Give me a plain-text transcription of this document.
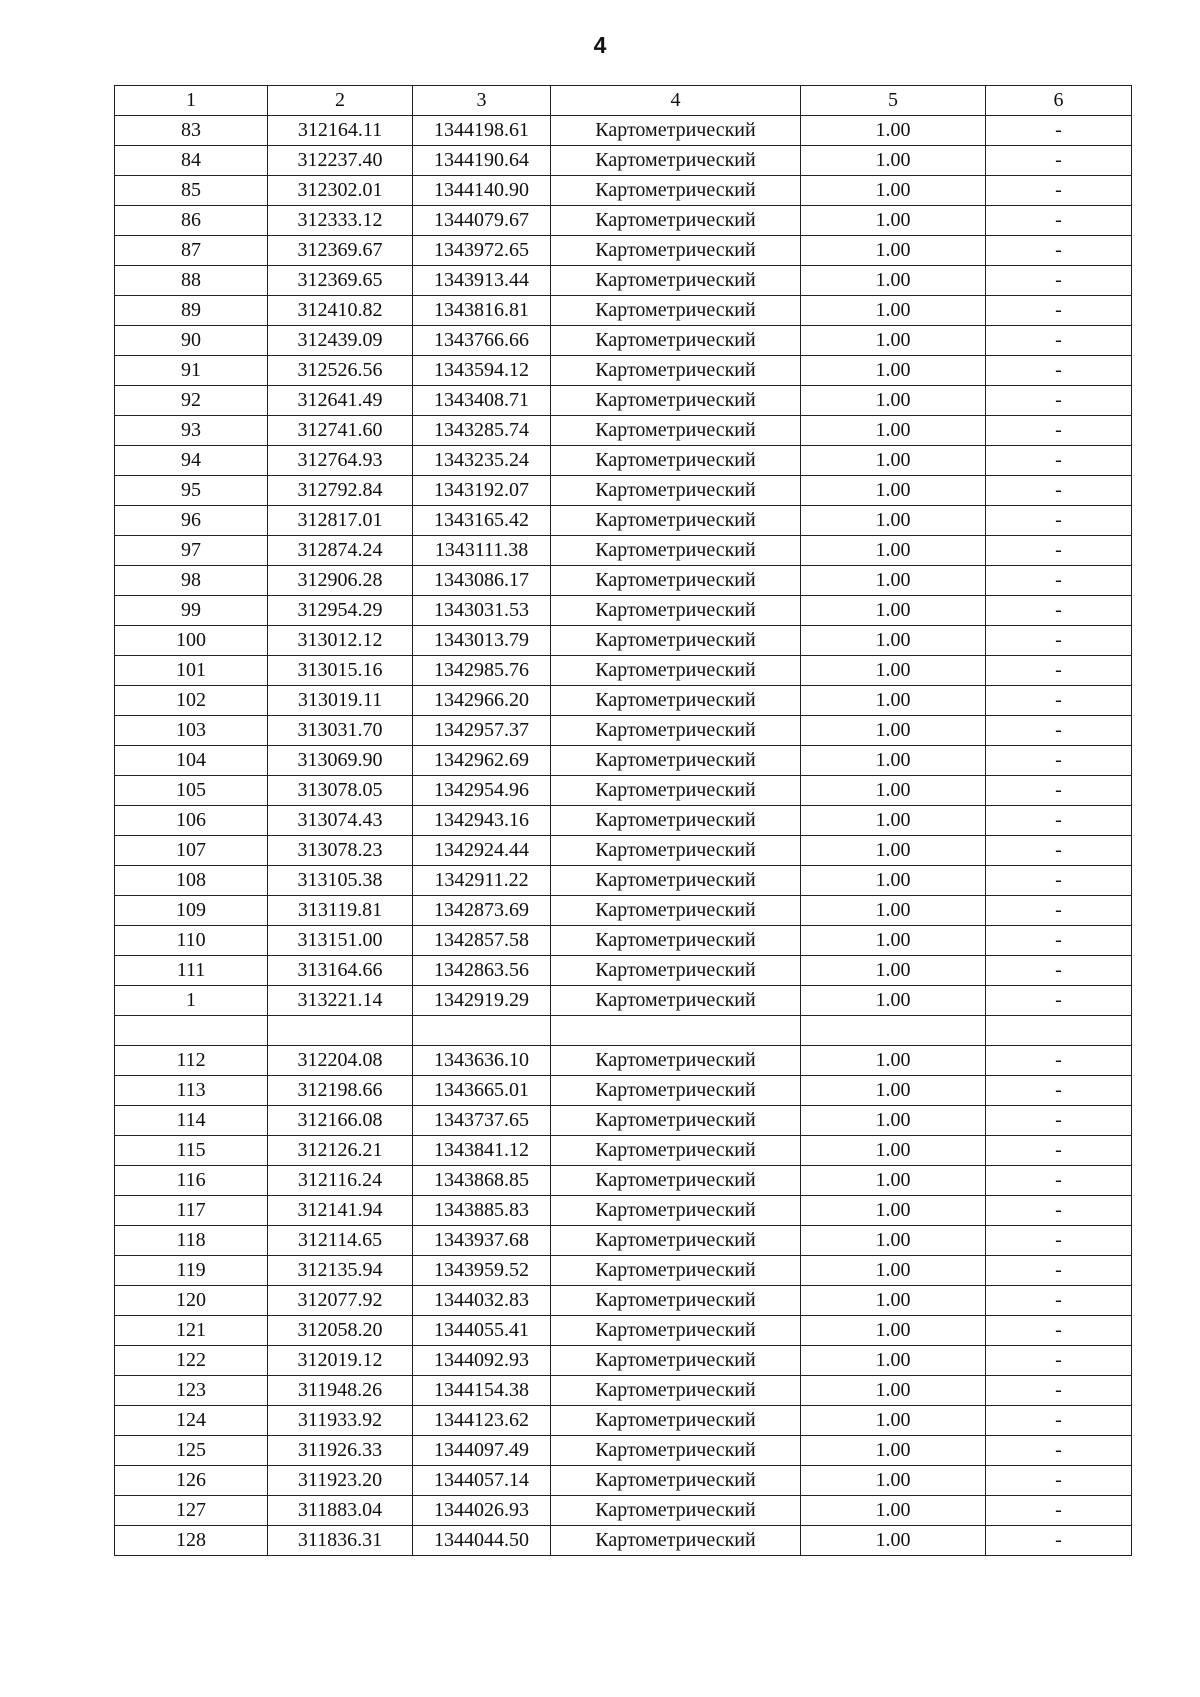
4
1	2	3	4	5	6
83	312164.11	1344198.61	Картометрический	1.00	-
84	312237.40	1344190.64	Картометрический	1.00	-
85	312302.01	1344140.90	Картометрический	1.00	-
86	312333.12	1344079.67	Картометрический	1.00	-
87	312369.67	1343972.65	Картометрический	1.00	-
88	312369.65	1343913.44	Картометрический	1.00	-
89	312410.82	1343816.81	Картометрический	1.00	-
90	312439.09	1343766.66	Картометрический	1.00	-
91	312526.56	1343594.12	Картометрический	1.00	-
92	312641.49	1343408.71	Картометрический	1.00	-
93	312741.60	1343285.74	Картометрический	1.00	-
94	312764.93	1343235.24	Картометрический	1.00	-
95	312792.84	1343192.07	Картометрический	1.00	-
96	312817.01	1343165.42	Картометрический	1.00	-
97	312874.24	1343111.38	Картометрический	1.00	-
98	312906.28	1343086.17	Картометрический	1.00	-
99	312954.29	1343031.53	Картометрический	1.00	-
100	313012.12	1343013.79	Картометрический	1.00	-
101	313015.16	1342985.76	Картометрический	1.00	-
102	313019.11	1342966.20	Картометрический	1.00	-
103	313031.70	1342957.37	Картометрический	1.00	-
104	313069.90	1342962.69	Картометрический	1.00	-
105	313078.05	1342954.96	Картометрический	1.00	-
106	313074.43	1342943.16	Картометрический	1.00	-
107	313078.23	1342924.44	Картометрический	1.00	-
108	313105.38	1342911.22	Картометрический	1.00	-
109	313119.81	1342873.69	Картометрический	1.00	-
110	313151.00	1342857.58	Картометрический	1.00	-
111	313164.66	1342863.56	Картометрический	1.00	-
1	313221.14	1342919.29	Картометрический	1.00	-

112	312204.08	1343636.10	Картометрический	1.00	-
113	312198.66	1343665.01	Картометрический	1.00	-
114	312166.08	1343737.65	Картометрический	1.00	-
115	312126.21	1343841.12	Картометрический	1.00	-
116	312116.24	1343868.85	Картометрический	1.00	-
117	312141.94	1343885.83	Картометрический	1.00	-
118	312114.65	1343937.68	Картометрический	1.00	-
119	312135.94	1343959.52	Картометрический	1.00	-
120	312077.92	1344032.83	Картометрический	1.00	-
121	312058.20	1344055.41	Картометрический	1.00	-
122	312019.12	1344092.93	Картометрический	1.00	-
123	311948.26	1344154.38	Картометрический	1.00	-
124	311933.92	1344123.62	Картометрический	1.00	-
125	311926.33	1344097.49	Картометрический	1.00	-
126	311923.20	1344057.14	Картометрический	1.00	-
127	311883.04	1344026.93	Картометрический	1.00	-
128	311836.31	1344044.50	Картометрический	1.00	-
